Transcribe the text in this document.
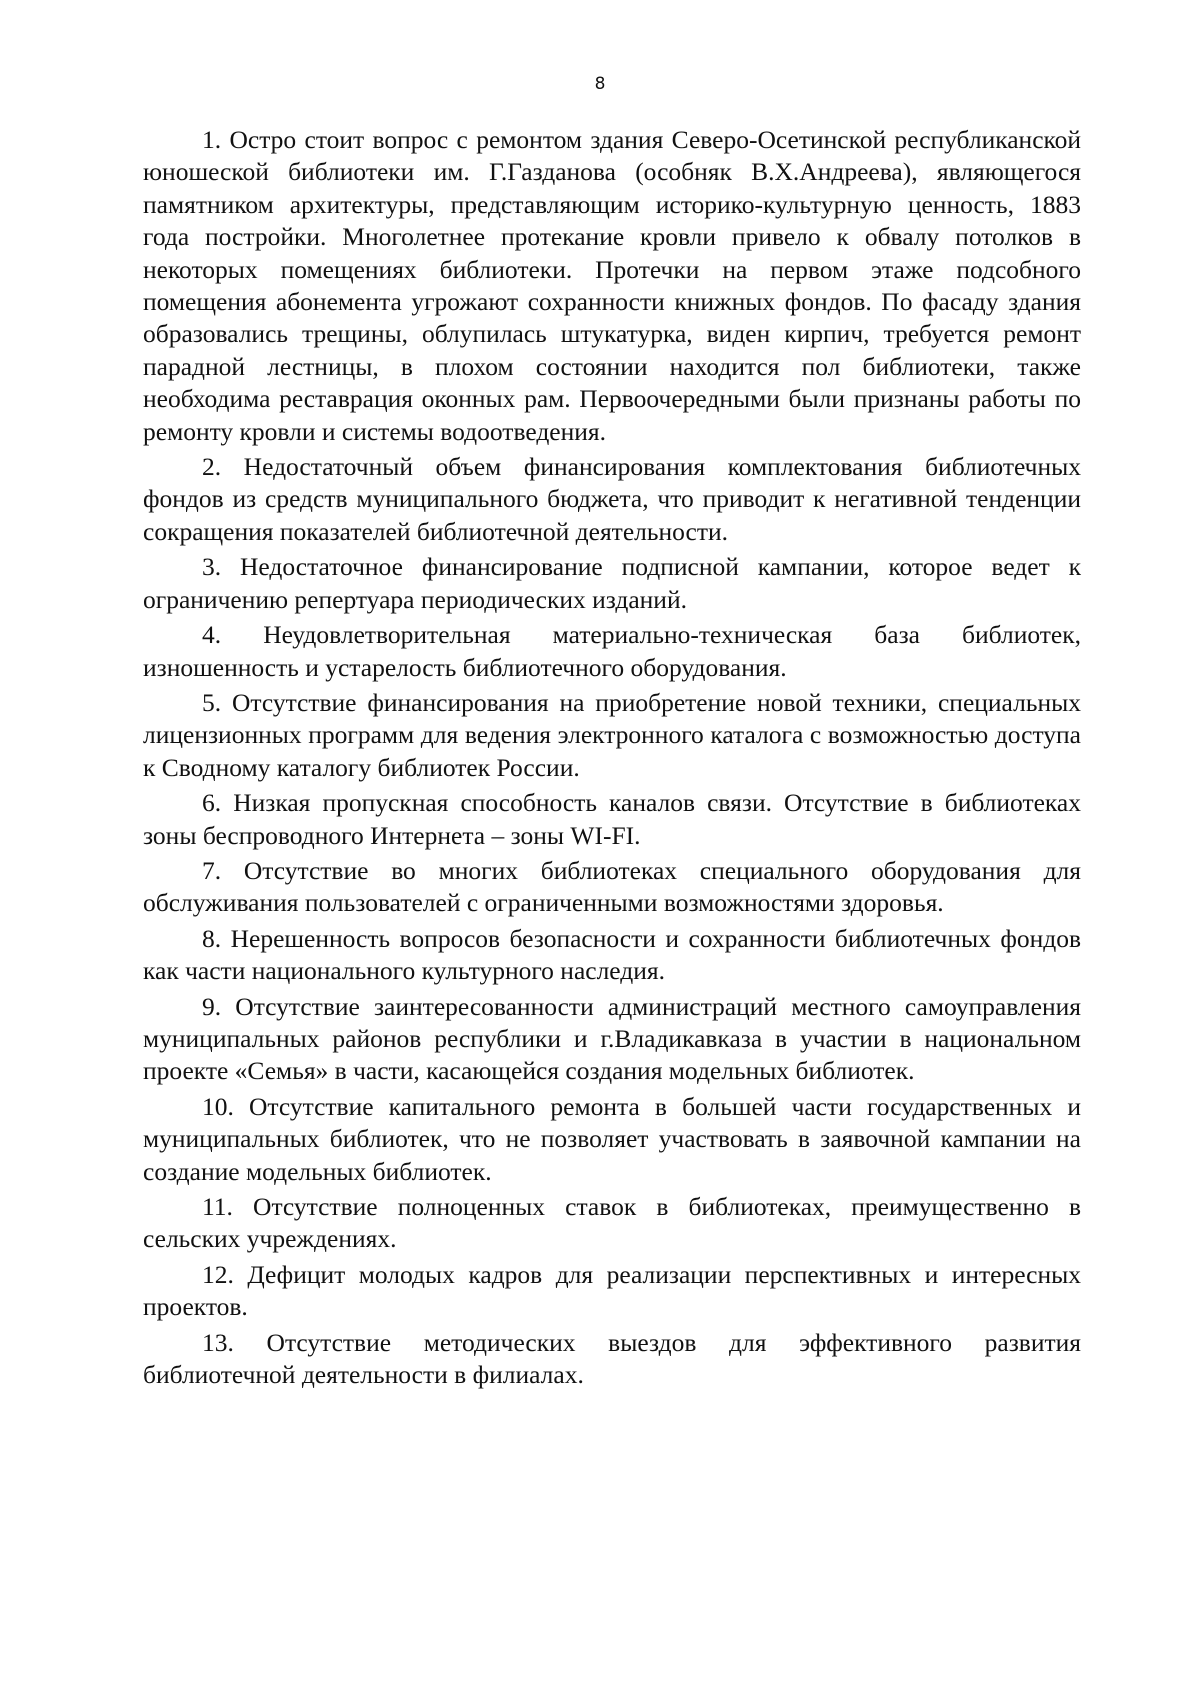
8

1. Остро стоит вопрос с ремонтом здания Северо-Осетинской республиканской юношеской библиотеки им. Г.Газданова (особняк В.Х.Андреева), являющегося памятником архитектуры, представляющим историко-культурную ценность, 1883 года постройки. Многолетнее протекание кровли привело к обвалу потолков в некоторых помещениях библиотеки. Протечки на первом этаже подсобного помещения абонемента угрожают сохранности книжных фондов. По фасаду здания образовались трещины, облупилась штукатурка, виден кирпич, требуется ремонт парадной лестницы, в плохом состоянии находится пол библиотеки, также необходима реставрация оконных рам. Первоочередными были признаны работы по ремонту кровли и системы водоотведения.

2. Недостаточный объем финансирования комплектования библиотечных фондов из средств муниципального бюджета, что приводит к негативной тенденции сокращения показателей библиотечной деятельности.

3. Недостаточное финансирование подписной кампании, которое ведет к ограничению репертуара периодических изданий.

4. Неудовлетворительная материально-техническая база библиотек, изношенность и устарелость библиотечного оборудования.

5. Отсутствие финансирования на приобретение новой техники, специальных лицензионных программ для ведения электронного каталога с возможностью доступа к Сводному каталогу библиотек России.

6. Низкая пропускная способность каналов связи. Отсутствие в библиотеках зоны беспроводного Интернета – зоны WI-FI.

7. Отсутствие во многих библиотеках специального оборудования для обслуживания пользователей с ограниченными возможностями здоровья.

8. Нерешенность вопросов безопасности и сохранности библиотечных фондов как части национального культурного наследия.

9. Отсутствие заинтересованности администраций местного самоуправления муниципальных районов республики и г.Владикавказа в участии в национальном проекте «Семья» в части, касающейся создания модельных библиотек.

10. Отсутствие капитального ремонта в большей части государственных и муниципальных библиотек, что не позволяет участвовать в заявочной кампании на создание модельных библиотек.

11. Отсутствие полноценных ставок в библиотеках, преимущественно в сельских учреждениях.

12. Дефицит молодых кадров для реализации перспективных и интересных проектов.

13. Отсутствие методических выездов для эффективного развития библиотечной деятельности в филиалах.
